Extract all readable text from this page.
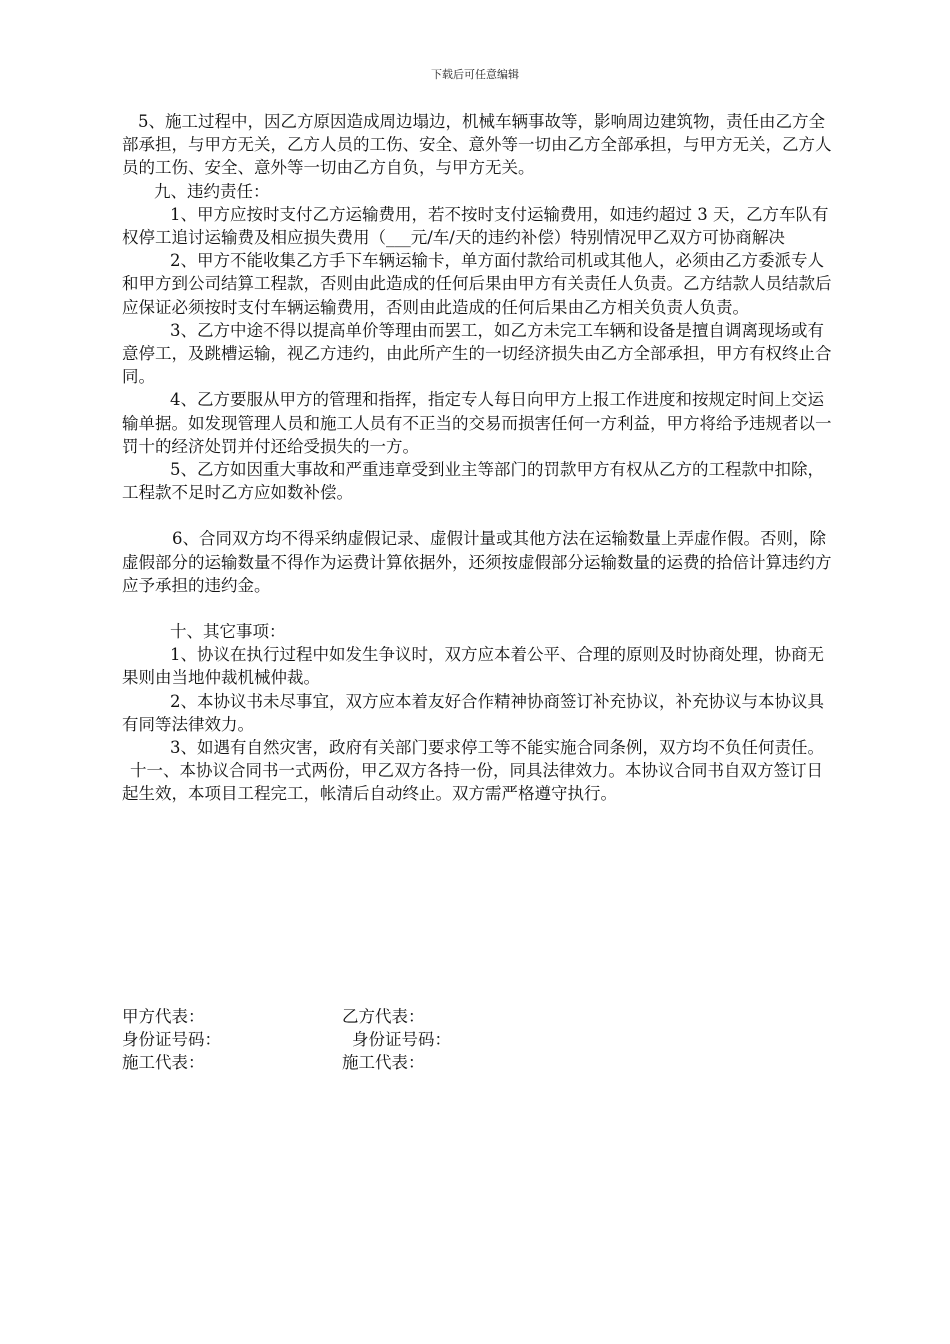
下载后可任意编辑

5、施工过程中，因乙方原因造成周边塌边，机械车辆事故等，影响周边建筑物，责任由乙方全部承担，与甲方无关，乙方人员的工伤、安全、意外等一切由乙方全部承担，与甲方无关，乙方人员的工伤、安全、意外等一切由乙方自负，与甲方无关。

九、违约责任：

1、甲方应按时支付乙方运输费用，若不按时支付运输费用，如违约超过 3 天，乙方车队有权停工追讨运输费及相应损失费用（___元/车/天的违约补偿）特别情况甲乙双方可协商解决

2、甲方不能收集乙方手下车辆运输卡，单方面付款给司机或其他人，必须由乙方委派专人和甲方到公司结算工程款，否则由此造成的任何后果由甲方有关责任人负责。乙方结款人员结款后应保证必须按时支付车辆运输费用，否则由此造成的任何后果由乙方相关负责人负责。

3、乙方中途不得以提高单价等理由而罢工，如乙方未完工车辆和设备是擅自调离现场或有意停工，及跳槽运输，视乙方违约，由此所产生的一切经济损失由乙方全部承担，甲方有权终止合同。

4、乙方要服从甲方的管理和指挥，指定专人每日向甲方上报工作进度和按规定时间上交运输单据。如发现管理人员和施工人员有不正当的交易而损害任何一方利益，甲方将给予违规者以一罚十的经济处罚并付还给受损失的一方。

5、乙方如因重大事故和严重违章受到业主等部门的罚款甲方有权从乙方的工程款中扣除，工程款不足时乙方应如数补偿。

6、合同双方均不得采纳虚假记录、虚假计量或其他方法在运输数量上弄虚作假。否则，除虚假部分的运输数量不得作为运费计算依据外，还须按虚假部分运输数量的运费的拾倍计算违约方应予承担的违约金。

十、其它事项：

1、协议在执行过程中如发生争议时，双方应本着公平、合理的原则及时协商处理，协商无果则由当地仲裁机械仲裁。

2、本协议书未尽事宜，双方应本着友好合作精神协商签订补充协议，补充协议与本协议具有同等法律效力。

3、如遇有自然灾害，政府有关部门要求停工等不能实施合同条例，双方均不负任何责任。

十一、本协议合同书一式两份，甲乙双方各持一份，同具法律效力。本协议合同书自双方签订日起生效，本项目工程完工，帐清后自动终止。双方需严格遵守执行。

甲方代表：	乙方代表：
身份证号码：	身份证号码：
施工代表：	施工代表：
